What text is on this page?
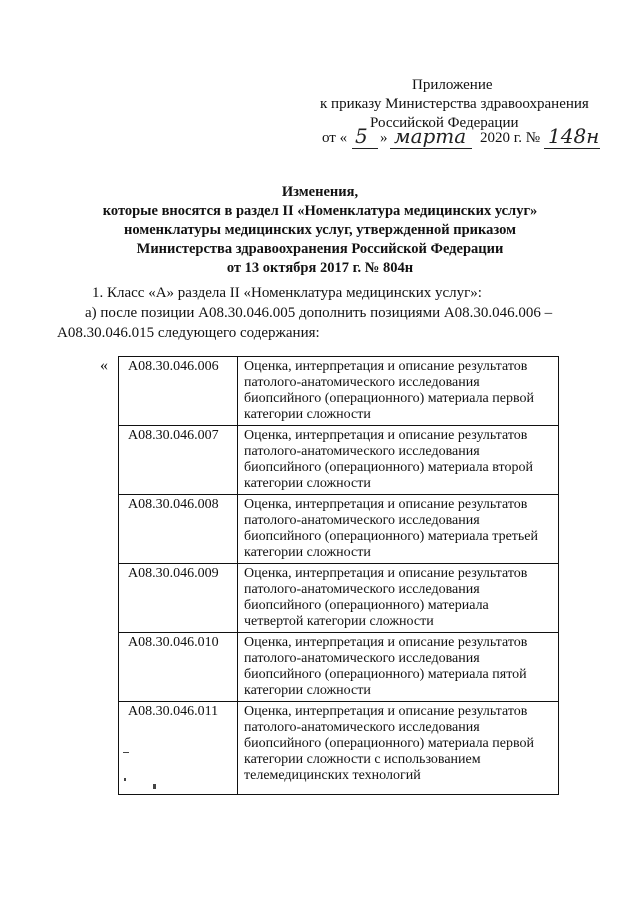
Приложение
к приказу Министерства здравоохранения
Российской Федерации
от « 5 » марта 2020 г. № 148н
Изменения,
которые вносятся в раздел II «Номенклатура медицинских услуг»
номенклатуры медицинских услуг, утвержденной приказом
Министерства здравоохранения Российской Федерации
от 13 октября 2017 г. № 804н
1. Класс «А» раздела II «Номенклатура медицинских услуг»:
а) после позиции A08.30.046.005 дополнить позициями A08.30.046.006 –
A08.30.046.015 следующего содержания:
« A08.30.046.006	Оценка, интерпретация и описание результатов
патолого-анатомического исследования
биопсийного (операционного) материала первой
категории сложности

A08.30.046.007	Оценка, интерпретация и описание результатов
патолого-анатомического исследования
биопсийного (операционного) материала второй
категории сложности

A08.30.046.008	Оценка, интерпретация и описание результатов
патолого-анатомического исследования
биопсийного (операционного) материала третьей
категории сложности

A08.30.046.009	Оценка, интерпретация и описание результатов
патолого-анатомического исследования
биопсийного (операционного) материала
четвертой категории сложности

A08.30.046.010	Оценка, интерпретация и описание результатов
патолого-анатомического исследования
биопсийного (операционного) материала пятой
категории сложности

A08.30.046.011	Оценка, интерпретация и описание результатов
патолого-анатомического исследования
биопсийного (операционного) материала первой
категории сложности с использованием
телемедицинских технологий
